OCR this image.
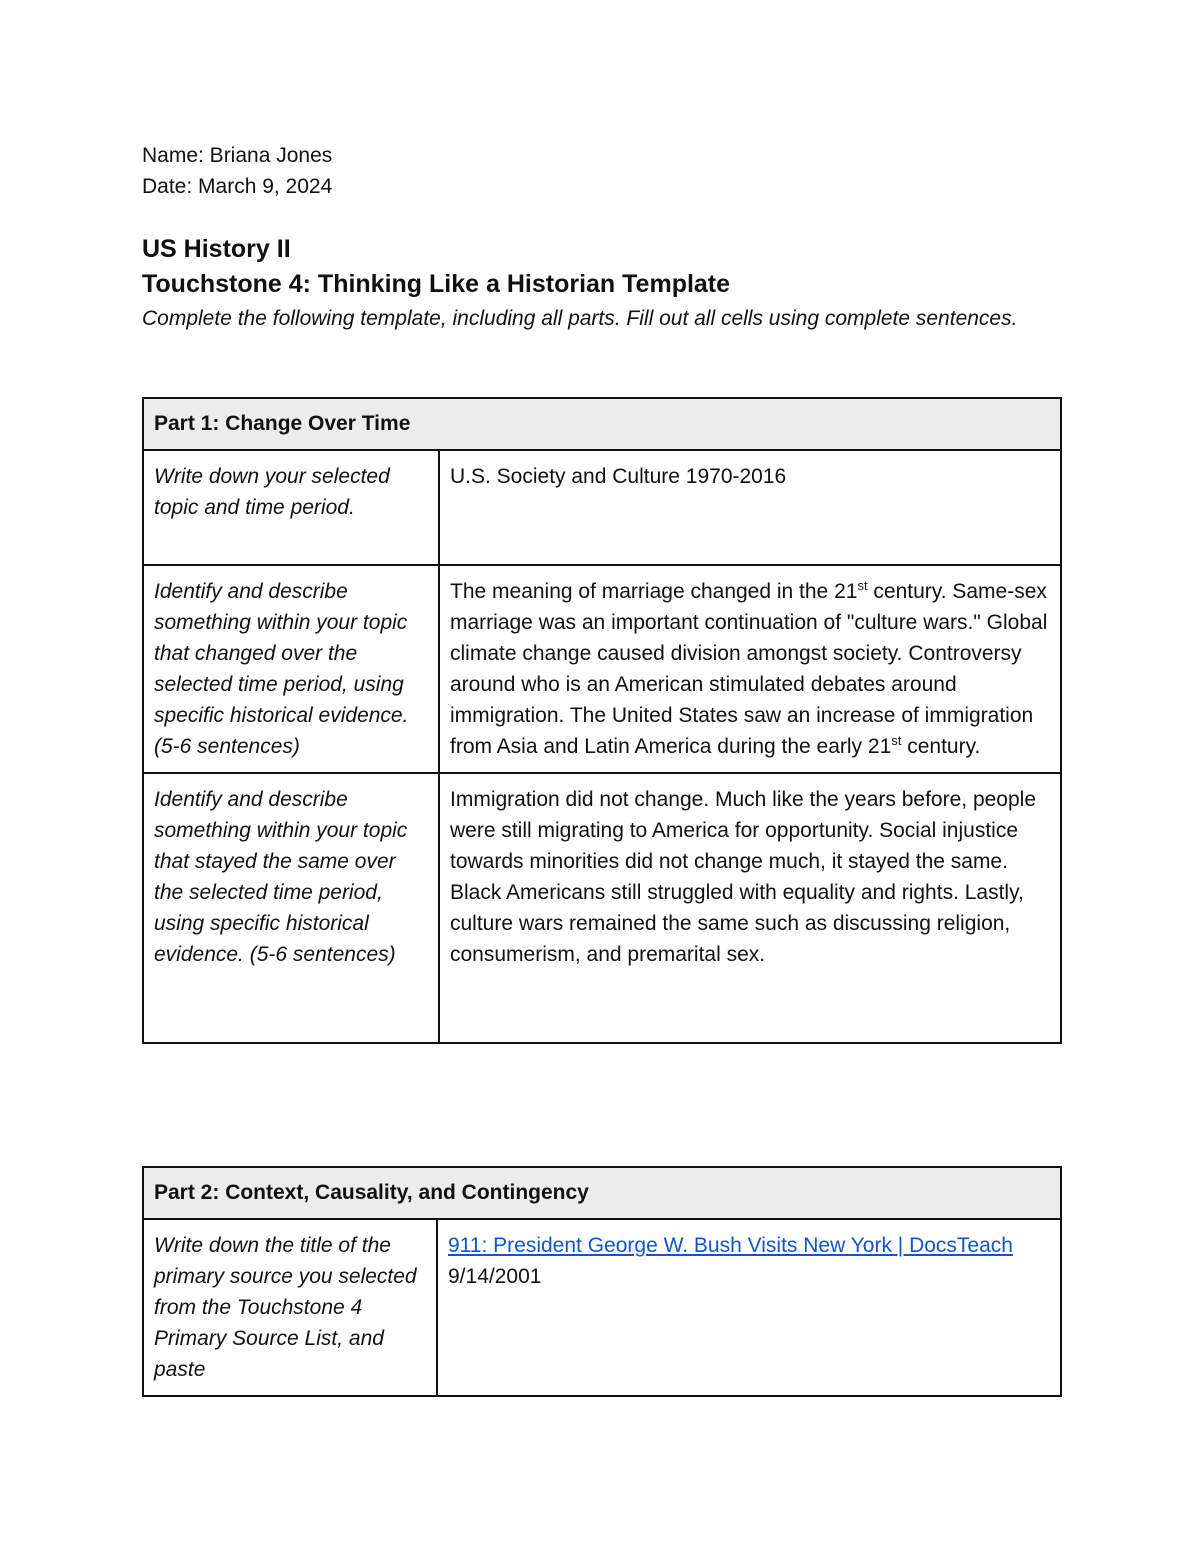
Name: Briana Jones
Date: March 9, 2024
US History II
Touchstone 4: Thinking Like a Historian Template
Complete the following template, including all parts. Fill out all cells using complete sentences.
Part 1: Change Over Time	
Write down your selected topic and time period.	U.S. Society and Culture 1970-2016
Identify and describe something within your topic that changed over the selected time period, using specific historical evidence. (5-6 sentences)	The meaning of marriage changed in the 21st century. Same-sex marriage was an important continuation of "culture wars." Global climate change caused division amongst society. Controversy around who is an American stimulated debates around immigration. The United States saw an increase of immigration from Asia and Latin America during the early 21st century.
Identify and describe something within your topic that stayed the same over the selected time period, using specific historical evidence. (5-6 sentences)	Immigration did not change. Much like the years before, people were still migrating to America for opportunity. Social injustice towards minorities did not change much, it stayed the same. Black Americans still struggled with equality and rights. Lastly, culture wars remained the same such as discussing religion, consumerism, and premarital sex.
Part 2: Context, Causality, and Contingency
Write down the title of the primary source you selected from the Touchstone 4 Primary Source List, and paste	911: President George W. Bush Visits New York | DocsTeach
9/14/2001
